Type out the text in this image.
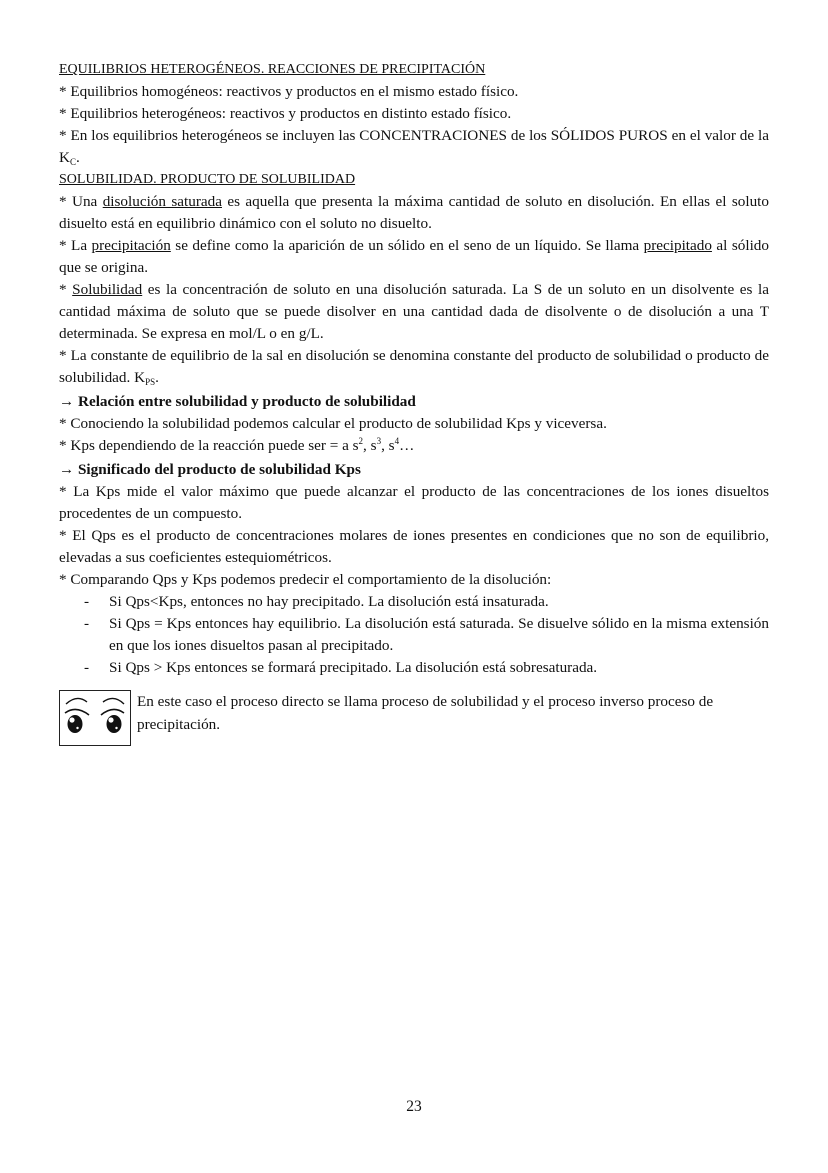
EQUILIBRIOS HETEROGÉNEOS. REACCIONES DE PRECIPITACIÓN

* Equilibrios homogéneos: reactivos y productos en el mismo estado físico.

* Equilibrios heterogéneos: reactivos y productos en distinto estado físico.

* En los equilibrios heterogéneos se incluyen las CONCENTRACIONES de los SÓLIDOS PUROS en el valor de la $K_C$.

SOLUBILIDAD. PRODUCTO DE SOLUBILIDAD

* Una disolución saturada es aquella que presenta la máxima cantidad de soluto en disolución. En ellas el soluto disuelto está en equilibrio dinámico con el soluto no disuelto.

* La precipitación se define como la aparición de un sólido en el seno de un líquido. Se llama precipitado al sólido que se origina.

* Solubilidad es la concentración de soluto en una disolución saturada. La S de un soluto en un disolvente es la cantidad máxima de soluto que se puede disolver en una cantidad dada de disolvente o de disolución a una T determinada. Se expresa en mol/L o en g/L.

* La constante de equilibrio de la sal en disolución se denomina constante del producto de solubilidad o producto de solubilidad. $K_{PS}$.

→ Relación entre solubilidad y producto de solubilidad

* Conociendo la solubilidad podemos calcular el producto de solubilidad Kps y viceversa.

* Kps dependiendo de la reacción puede ser = a $s^2$, $s^3$, $s^4\dots$

→ Significado del producto de solubilidad Kps

* La Kps mide el valor máximo que puede alcanzar el producto de las concentraciones de los iones disueltos procedentes de un compuesto.

* El Qps es el producto de concentraciones molares de iones presentes en condiciones que no son de equilibrio, elevadas a sus coeficientes estequiométricos.

* Comparando Qps y Kps podemos predecir el comportamiento de la disolución:

- Si Qps<Kps, entonces no hay precipitado. La disolución está insaturada.
- Si Qps = Kps entonces hay equilibrio. La disolución está saturada. Se disuelve sólido en la misma extensión en que los iones disueltos pasan al precipitado.
- Si Qps > Kps entonces se formará precipitado. La disolución está sobresaturada.
En este caso el proceso directo se llama proceso de solubilidad y el proceso inverso proceso de precipitación.
23
